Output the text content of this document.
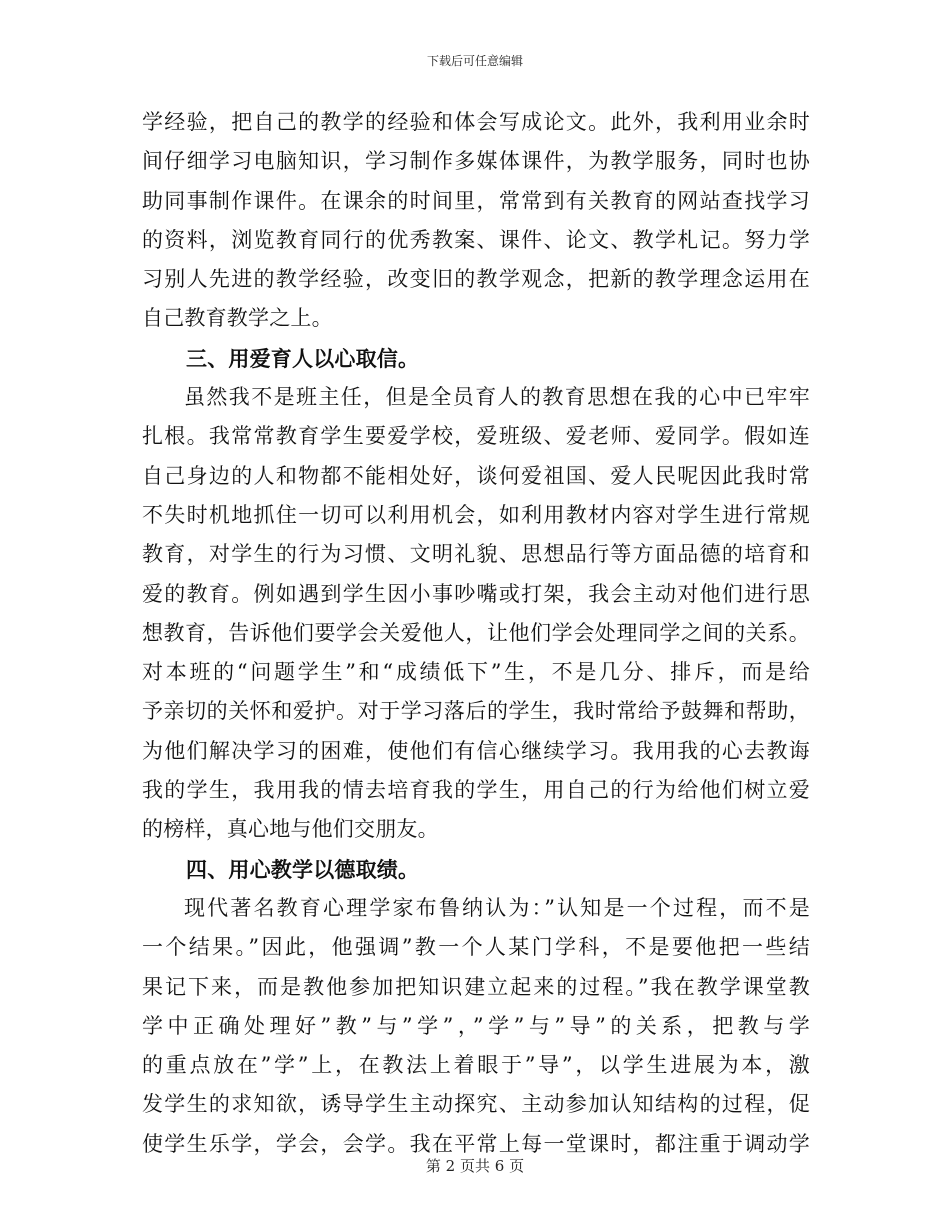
下载后可任意编辑
学经验，把自己的教学的经验和体会写成论文。此外，我利用业余时
间仔细学习电脑知识，学习制作多媒体课件，为教学服务，同时也协
助同事制作课件。在课余的时间里，常常到有关教育的网站查找学习
的资料，浏览教育同行的优秀教案、课件、论文、教学札记。努力学
习别人先进的教学经验，改变旧的教学观念，把新的教学理念运用在
自己教育教学之上。
三、用爱育人以心取信。
虽然我不是班主任，但是全员育人的教育思想在我的心中已牢牢
扎根。我常常教育学生要爱学校，爱班级、爱老师、爱同学。假如连
自己身边的人和物都不能相处好，谈何爱祖国、爱人民呢因此我时常
不失时机地抓住一切可以利用机会，如利用教材内容对学生进行常规
教育，对学生的行为习惯、文明礼貌、思想品行等方面品德的培育和
爱的教育。例如遇到学生因小事吵嘴或打架，我会主动对他们进行思
想教育，告诉他们要学会关爱他人，让他们学会处理同学之间的关系。
对本班的“问题学生”和“成绩低下”生，不是几分、排斥，而是给
予亲切的关怀和爱护。对于学习落后的学生，我时常给予鼓舞和帮助，
为他们解决学习的困难，使他们有信心继续学习。我用我的心去教诲
我的学生，我用我的情去培育我的学生，用自己的行为给他们树立爱
的榜样，真心地与他们交朋友。
四、用心教学以德取绩。
现代著名教育心理学家布鲁纳认为：”认知是一个过程，而不是
一个结果。”因此，他强调”教一个人某门学科，不是要他把一些结
果记下来，而是教他参加把知识建立起来的过程。”我在教学课堂教
学中正确处理好”教”与”学”，”学”与”导”的关系，把教与学
的重点放在”学”上，在教法上着眼于”导”，以学生进展为本，激
发学生的求知欲，诱导学生主动探究、主动参加认知结构的过程，促
使学生乐学，学会，会学。我在平常上每一堂课时，都注重于调动学
第 2 页共 6 页
